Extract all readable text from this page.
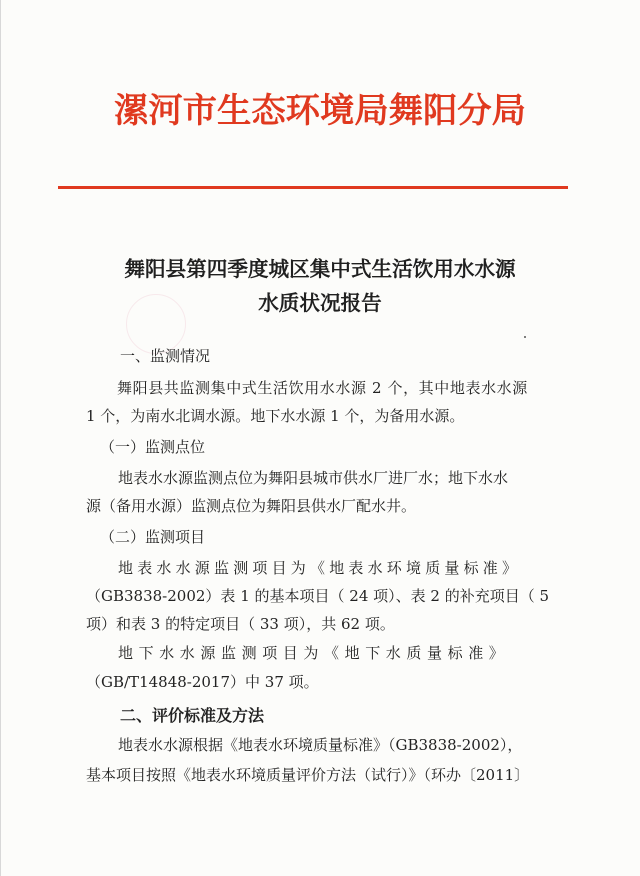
漯河市生态环境局舞阳分局
舞阳县第四季度城区集中式生活饮用水水源
水质状况报告
一、监测情况
舞阳县共监测集中式生活饮用水水源 2 个，其中地表水水源
1 个，为南水北调水源。地下水水源 1 个，为备用水源。
（一）监测点位
地表水水源监测点位为舞阳县城市供水厂进厂水；地下水水
源（备用水源）监测点位为舞阳县供水厂配水井。
（二）监测项目
地表水水源监测项目为《地表水环境质量标准》
（GB3838-2002）表 1 的基本项目（ 24 项）、表 2 的补充项目（ 5
项）和表 3 的特定项目（ 33 项），共 62 项。
地下水水源监测项目为《地下水质量标准》
（GB/T14848-2017）中 37 项。
二、评价标准及方法
地表水水源根据《地表水环境质量标准》（GB3838-2002），
基本项目按照《地表水环境质量评价方法（试行）》（环办〔2011〕
